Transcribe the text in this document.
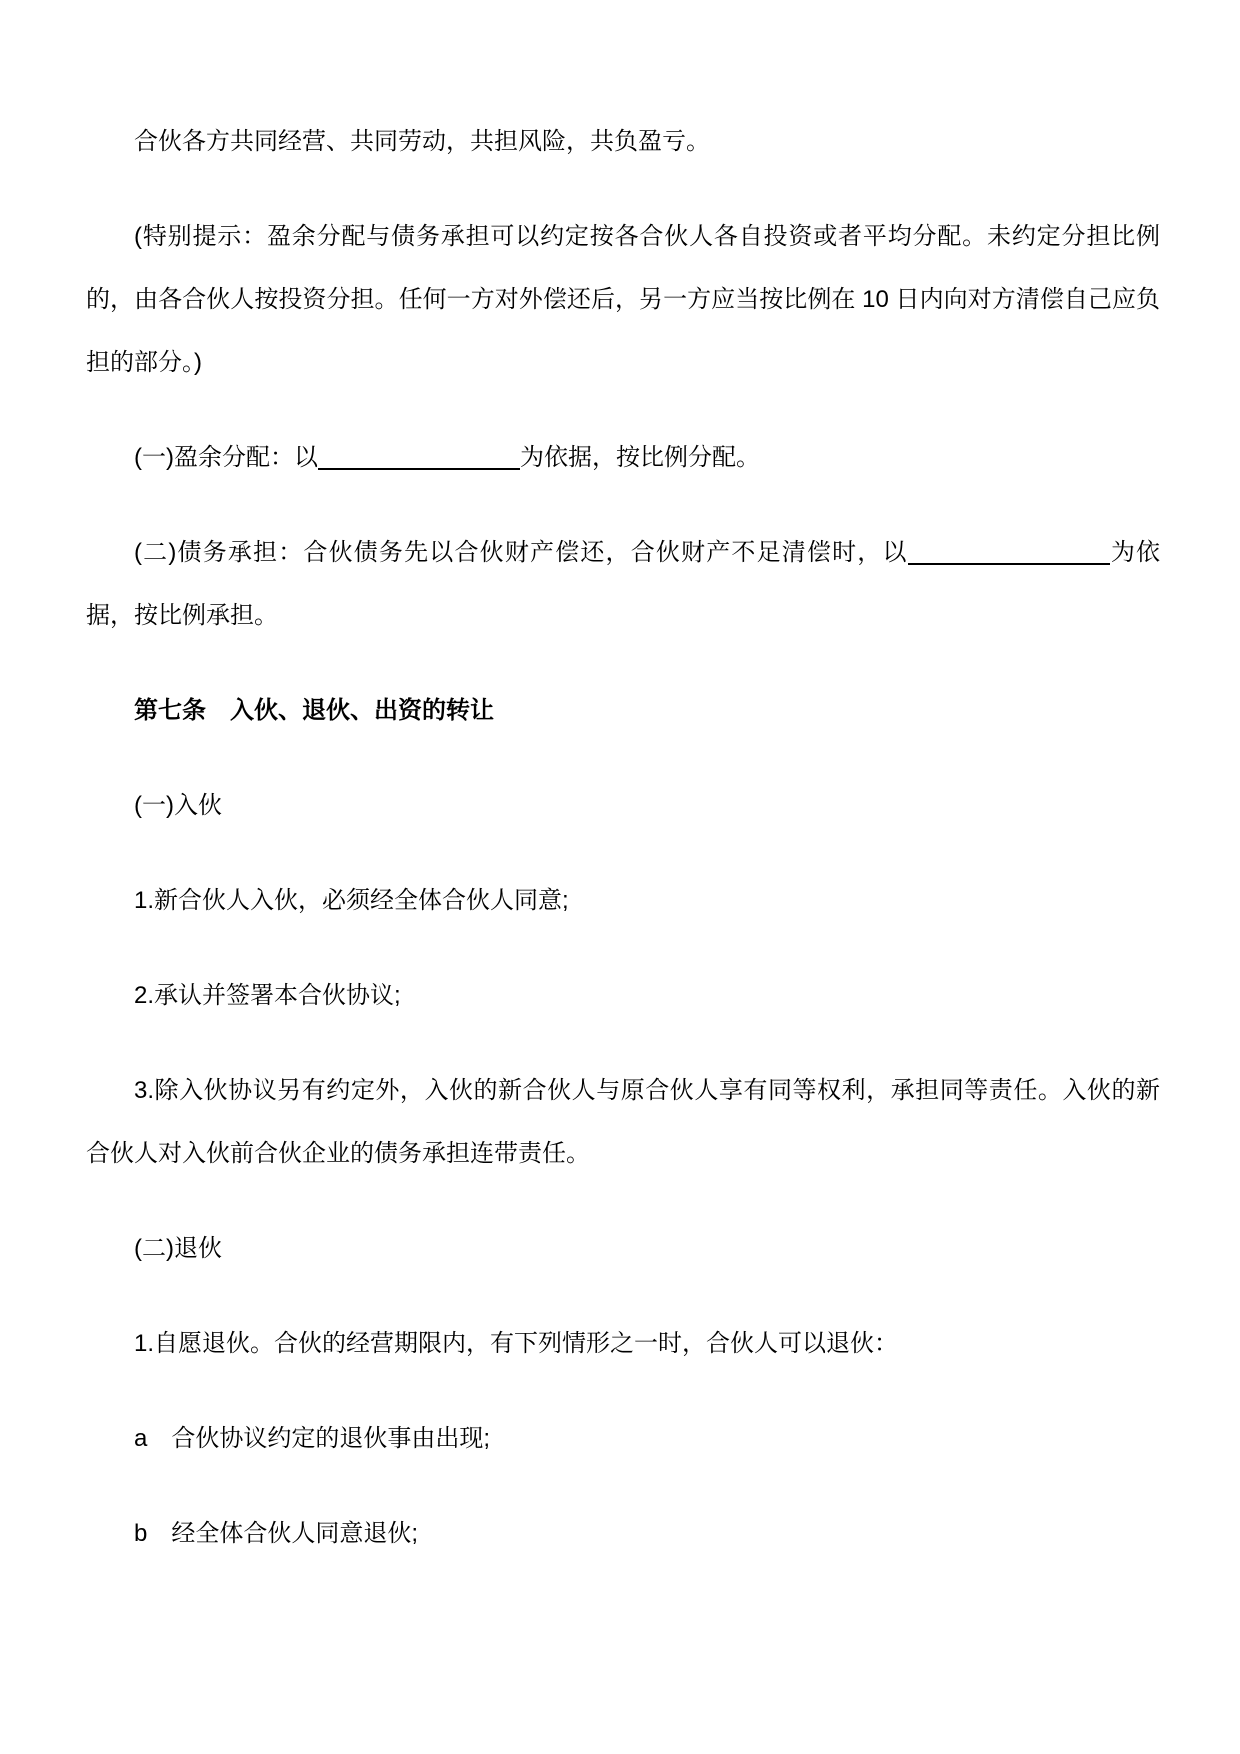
合伙各方共同经营、共同劳动，共担风险，共负盈亏。

(特别提示：盈余分配与债务承担可以约定按各合伙人各自投资或者平均分配。未约定分担比例的，由各合伙人按投资分担。任何一方对外偿还后，另一方应当按比例在 10 日内向对方清偿自己应负担的部分。)

(一)盈余分配：以	为依据，按比例分配。

(二)债务承担：合伙债务先以合伙财产偿还，合伙财产不足清偿时，以	为依据，按比例承担。

第七条　入伙、退伙、出资的转让

(一)入伙

1.新合伙人入伙，必须经全体合伙人同意;

2.承认并签署本合伙协议;

3.除入伙协议另有约定外，入伙的新合伙人与原合伙人享有同等权利，承担同等责任。入伙的新合伙人对入伙前合伙企业的债务承担连带责任。

(二)退伙

1.自愿退伙。合伙的经营期限内，有下列情形之一时，合伙人可以退伙：

a　合伙协议约定的退伙事由出现;

b　经全体合伙人同意退伙;
